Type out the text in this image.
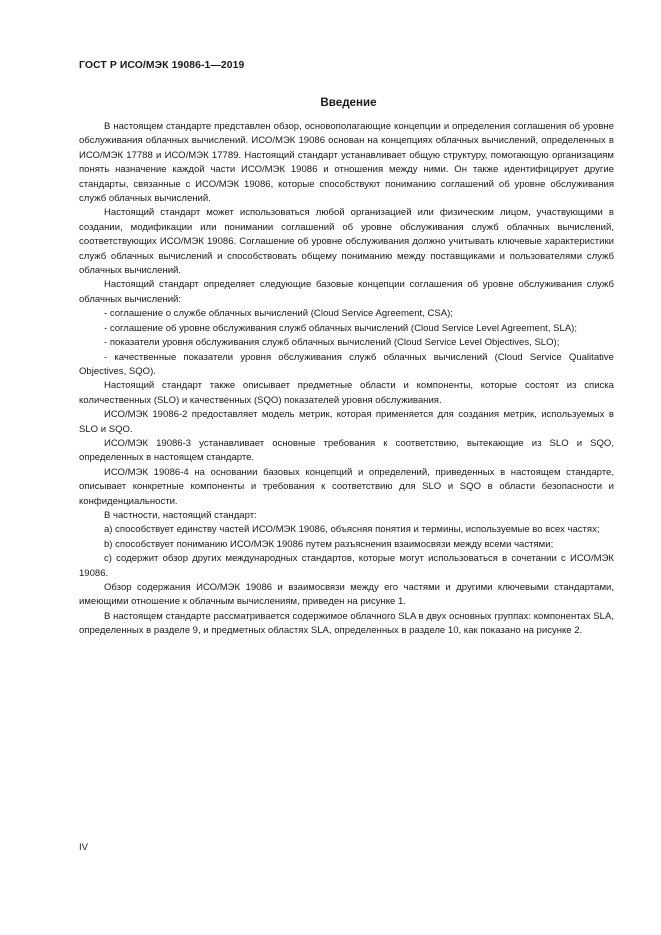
ГОСТ Р ИСО/МЭК 19086-1—2019
Введение

В настоящем стандарте представлен обзор, основополагающие концепции и определения соглашения об уровне обслуживания облачных вычислений. ИСО/МЭК 19086 основан на концепциях облачных вычислений, определенных в ИСО/МЭК 17788 и ИСО/МЭК 17789. Настоящий стандарт устанавливает общую структуру, помогающую организациям понять назначение каждой части ИСО/МЭК 19086 и отношения между ними. Он также идентифицирует другие стандарты, связанные с ИСО/МЭК 19086, которые способствуют пониманию соглашений об уровне обслуживания служб облачных вычислений.

Настоящий стандарт может использоваться любой организацией или физическим лицом, участвующими в создании, модификации или понимании соглашений об уровне обслуживания служб облачных вычислений, соответствующих ИСО/МЭК 19086. Соглашение об уровне обслуживания должно учитывать ключевые характеристики служб облачных вычислений и способствовать общему пониманию между поставщиками и пользователями служб облачных вычислений.

Настоящий стандарт определяет следующие базовые концепции соглашения об уровне обслуживания служб облачных вычислений:

- соглашение о службе облачных вычислений (Cloud Service Agreement, CSA);

- соглашение об уровне обслуживания служб облачных вычислений (Cloud Service Level Agreement, SLA);

- показатели уровня обслуживания служб облачных вычислений (Cloud Service Level Objectives, SLO);

- качественные показатели уровня обслуживания служб облачных вычислений (Cloud Service Qualitative Objectives, SQO).

Настоящий стандарт также описывает предметные области и компоненты, которые состоят из списка количественных (SLO) и качественных (SQO) показателей уровня обслуживания.

ИСО/МЭК 19086-2 предоставляет модель метрик, которая применяется для создания метрик, используемых в SLO и SQO.

ИСО/МЭК 19086-3 устанавливает основные требования к соответствию, вытекающие из SLO и SQO, определенных в настоящем стандарте.

ИСО/МЭК 19086-4 на основании базовых концепций и определений, приведенных в настоящем стандарте, описывает конкретные компоненты и требования к соответствию для SLO и SQO в области безопасности и конфиденциальности.

В частности, настоящий стандарт:

a) способствует единству частей ИСО/МЭК 19086, объясняя понятия и термины, используемые во всех частях;

b) способствует пониманию ИСО/МЭК 19086 путем разъяснения взаимосвязи между всеми частями;

c) содержит обзор других международных стандартов, которые могут использоваться в сочетании с ИСО/МЭК 19086.

Обзор содержания ИСО/МЭК 19086 и взаимосвязи между его частями и другими ключевыми стандартами, имеющими отношение к облачным вычислениям, приведен на рисунке 1.

В настоящем стандарте рассматривается содержимое облачного SLA в двух основных группах: компонентах SLA, определенных в разделе 9, и предметных областях SLA, определенных в разделе 10, как показано на рисунке 2.

IV
